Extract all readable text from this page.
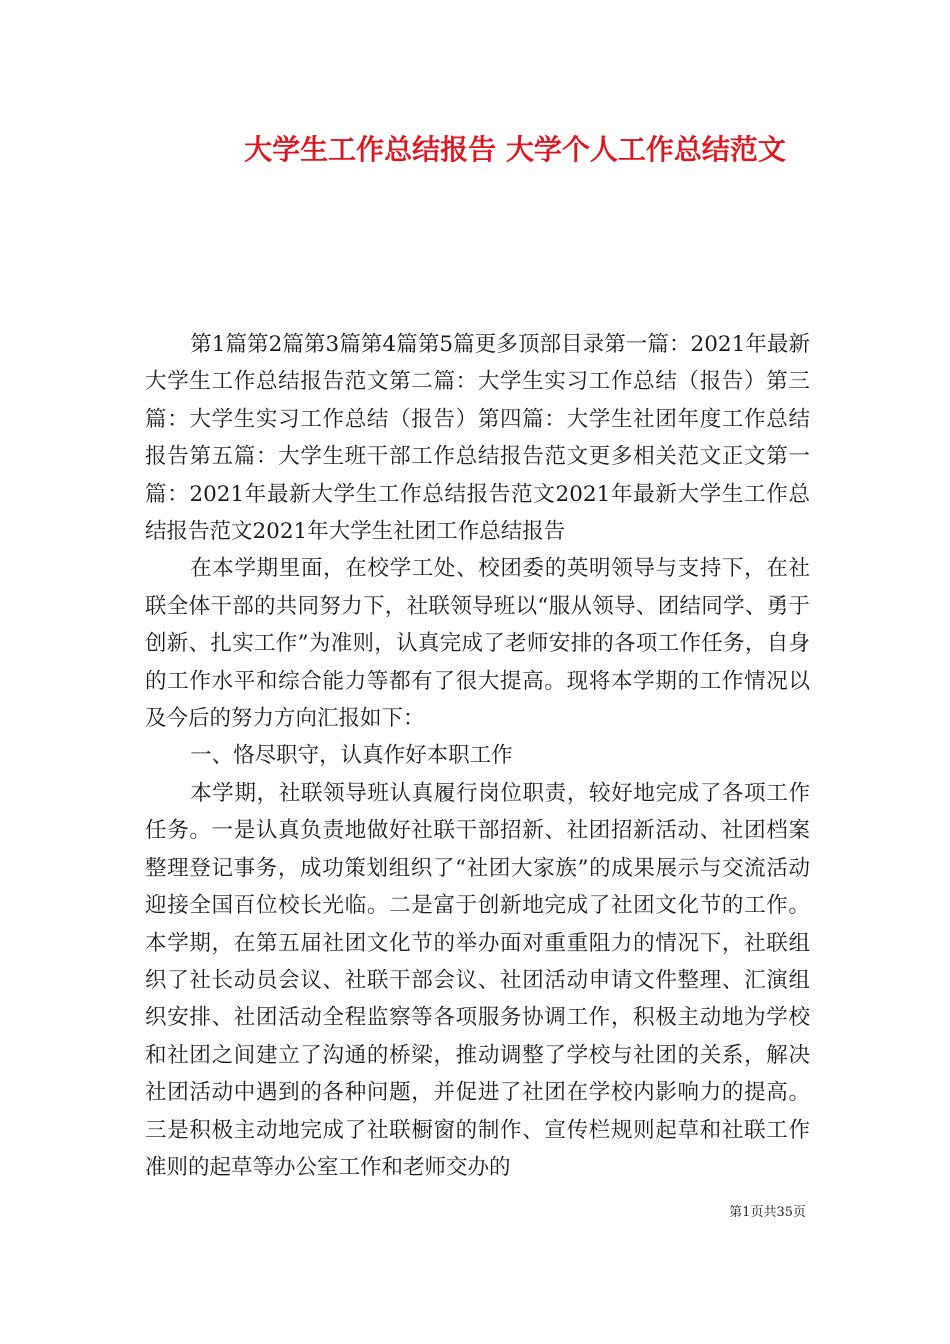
大学生工作总结报告 大学个人工作总结范文

第1篇第2篇第3篇第4篇第5篇更多顶部目录第一篇：2021年最新大学生工作总结报告范文第二篇：大学生实习工作总结（报告）第三篇：大学生实习工作总结（报告）第四篇：大学生社团年度工作总结报告第五篇：大学生班干部工作总结报告范文更多相关范文正文第一篇：2021年最新大学生工作总结报告范文2021年最新大学生工作总结报告范文2021年大学生社团工作总结报告

在本学期里面，在校学工处、校团委的英明领导与支持下，在社联全体干部的共同努力下，社联领导班以“服从领导、团结同学、勇于创新、扎实工作”为准则，认真完成了老师安排的各项工作任务，自身的工作水平和综合能力等都有了很大提高。现将本学期的工作情况以及今后的努力方向汇报如下：

一、恪尽职守，认真作好本职工作

本学期，社联领导班认真履行岗位职责，较好地完成了各项工作任务。一是认真负责地做好社联干部招新、社团招新活动、社团档案整理登记事务，成功策划组织了“社团大家族”的成果展示与交流活动迎接全国百位校长光临。二是富于创新地完成了社团文化节的工作。本学期，在第五届社团文化节的举办面对重重阻力的情况下，社联组织了社长动员会议、社联干部会议、社团活动申请文件整理、汇演组织安排、社团活动全程监察等各项服务协调工作，积极主动地为学校和社团之间建立了沟通的桥梁，推动调整了学校与社团的关系，解决社团活动中遇到的各种问题，并促进了社团在学校内影响力的提高。三是积极主动地完成了社联橱窗的制作、宣传栏规则起草和社联工作准则的起草等办公室工作和老师交办的

第1页共35页
